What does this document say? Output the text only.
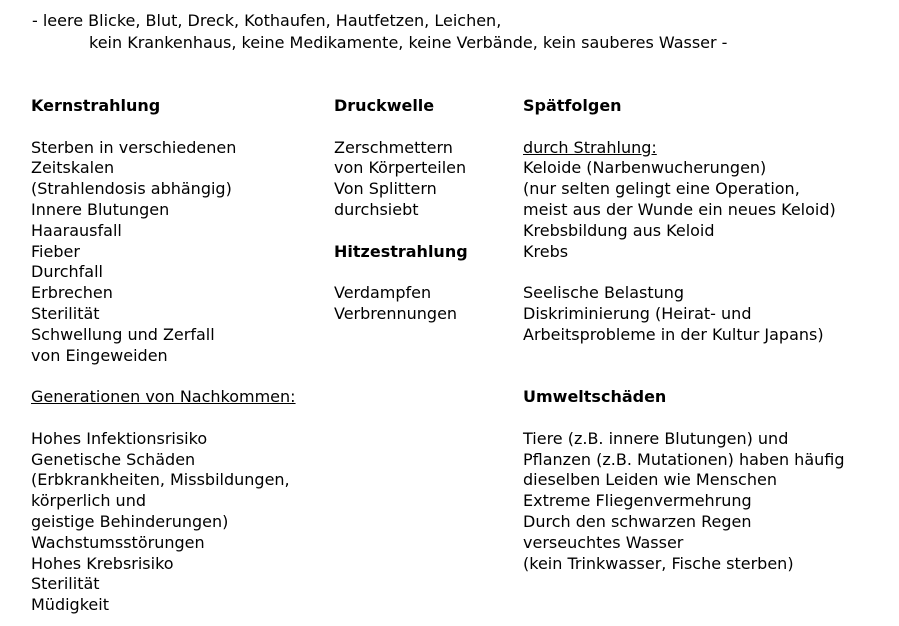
- leere Blicke, Blut, Dreck, Kothaufen, Hautfetzen, Leichen,
kein Krankenhaus, keine Medikamente, keine Verbände, kein sauberes Wasser -
Kernstrahlung
Sterben in verschiedenen
Zeitskalen
(Strahlendosis abhängig)
Innere Blutungen
Haarausfall
Fieber
Durchfall
Erbrechen
Sterilität
Schwellung und Zerfall
von Eingeweiden
Generationen von Nachkommen:
Hohes Infektionsrisiko
Genetische Schäden
(Erbkrankheiten, Missbildungen,
körperlich und
geistige Behinderungen)
Wachstumsstörungen
Hohes Krebsrisiko
Sterilität
Müdigkeit
Druckwelle
Zerschmettern
von Körperteilen
Von Splittern
durchsiebt
Hitzestrahlung
Verdampfen
Verbrennungen
Spätfolgen
durch Strahlung:
Keloide (Narbenwucherungen)
(nur selten gelingt eine Operation,
meist aus der Wunde ein neues Keloid)
Krebsbildung aus Keloid
Krebs
Seelische Belastung
Diskriminierung (Heirat- und
Arbeitsprobleme in der Kultur Japans)
Umweltschäden
Tiere (z.B. innere Blutungen) und
Pflanzen (z.B. Mutationen) haben häufig
dieselben Leiden wie Menschen
Extreme Fliegenvermehrung
Durch den schwarzen Regen
verseuchtes Wasser
(kein Trinkwasser, Fische sterben)
